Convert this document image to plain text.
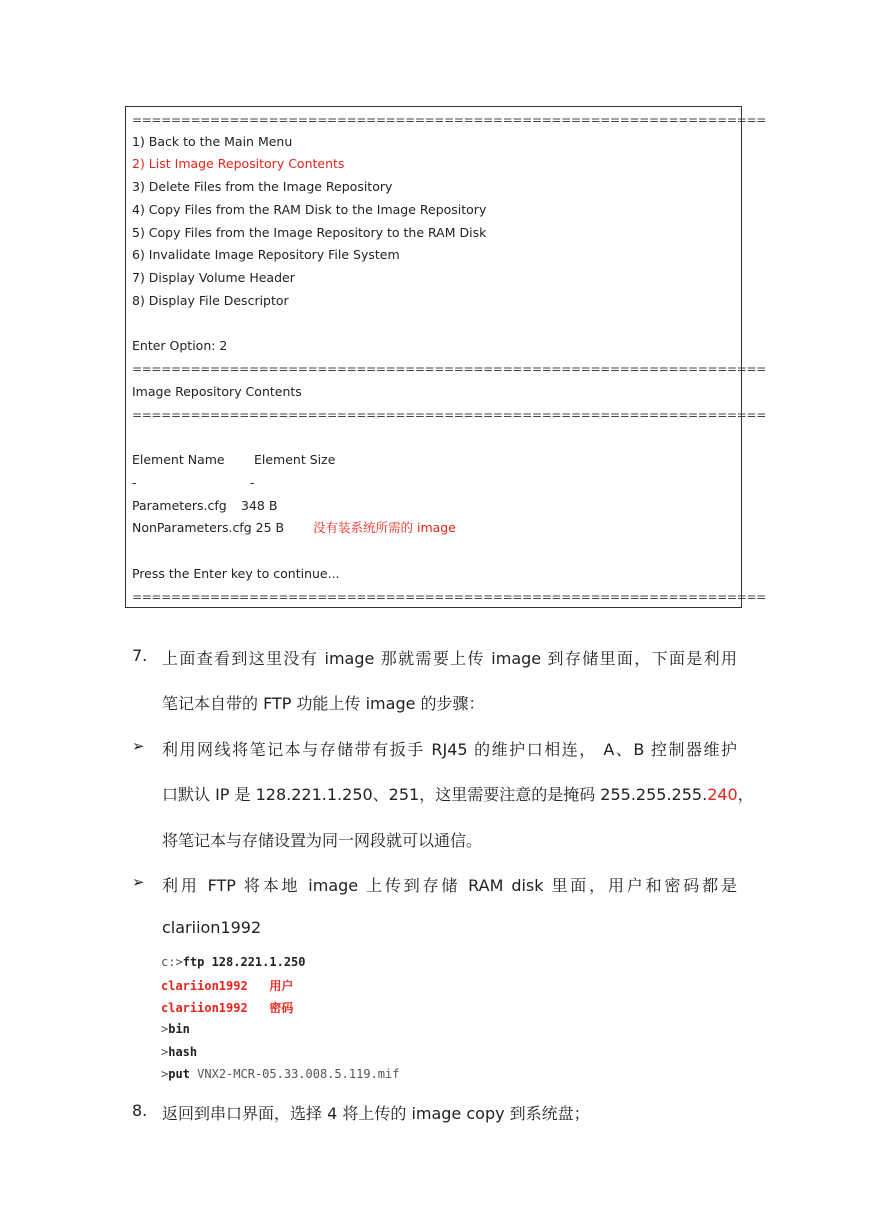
=================================================================
1) Back to the Main Menu
2) List Image Repository Contents
3) Delete Files from the Image Repository
4) Copy Files from the RAM Disk to the Image Repository
5) Copy Files from the Image Repository to the RAM Disk
6) Invalidate Image Repository File System
7) Display Volume Header
8) Display File Descriptor
Enter Option: 2
=================================================================
Image Repository Contents
=================================================================
Element Name Element Size
-	-
Parameters.cfg 348 B
NonParameters.cfg 25 B 没有装系统所需的 image
Press the Enter key to continue...
=================================================================
7. 上面查看到这里没有 image 那就需要上传 image 到存储里面，下面是利用
笔记本自带的 FTP 功能上传 image 的步骤：
➢ 利用网线将笔记本与存储带有扳手 RJ45 的维护口相连， A、B 控制器维护
口默认 IP 是 128.221.1.250、251，这里需要注意的是掩码 255.255.255.240，
将笔记本与存储设置为同一网段就可以通信。
➢ 利用 FTP 将本地 image 上传到存储 RAM disk 里面，用户和密码都是
clariion1992
c:>ftp 128.221.1.250
clariion1992 用户
clariion1992 密码
>bin
>hash
>put VNX2-MCR-05.33.008.5.119.mif
8. 返回到串口界面，选择 4 将上传的 image copy 到系统盘；
